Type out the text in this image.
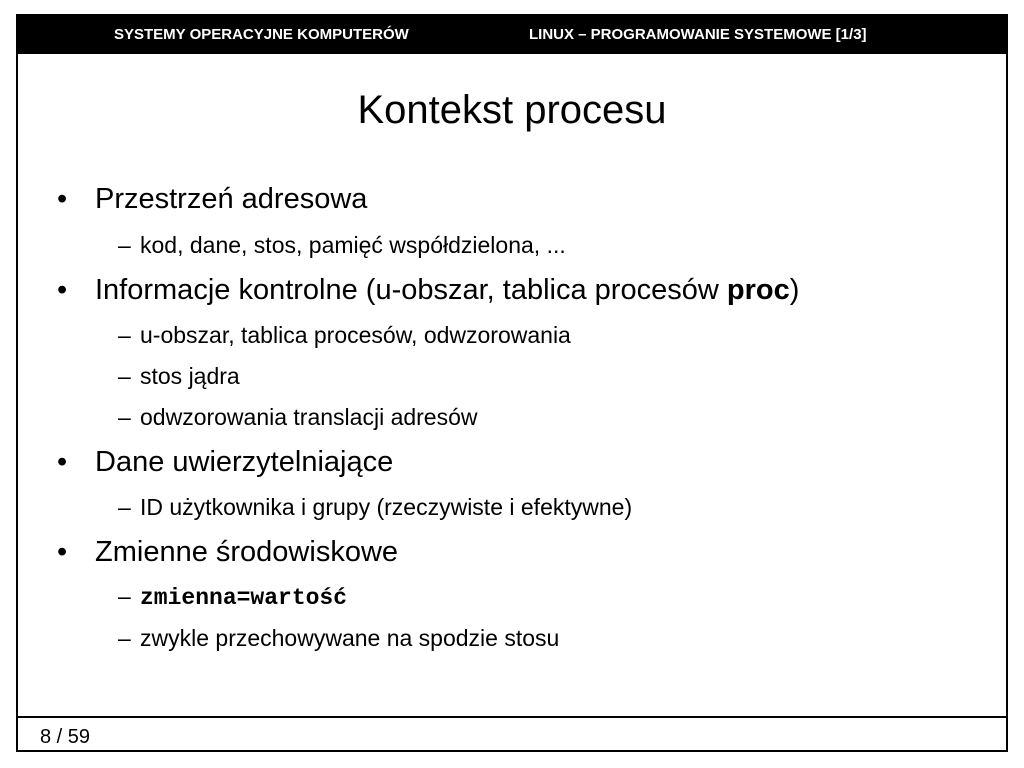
SYSTEMY OPERACYJNE KOMPUTERÓW	LINUX – PROGRAMOWANIE SYSTEMOWE [1/3]
Kontekst procesu
• Przestrzeń adresowa
– kod, dane, stos, pamięć współdzielona, ...
• Informacje kontrolne (u-obszar, tablica procesów proc)
– u-obszar, tablica procesów, odwzorowania
– stos jądra
– odwzorowania translacji adresów
• Dane uwierzytelniające
– ID użytkownika i grupy (rzeczywiste i efektywne)
• Zmienne środowiskowe
– zmienna=wartość
– zwykle przechowywane na spodzie stosu
8 / 59
